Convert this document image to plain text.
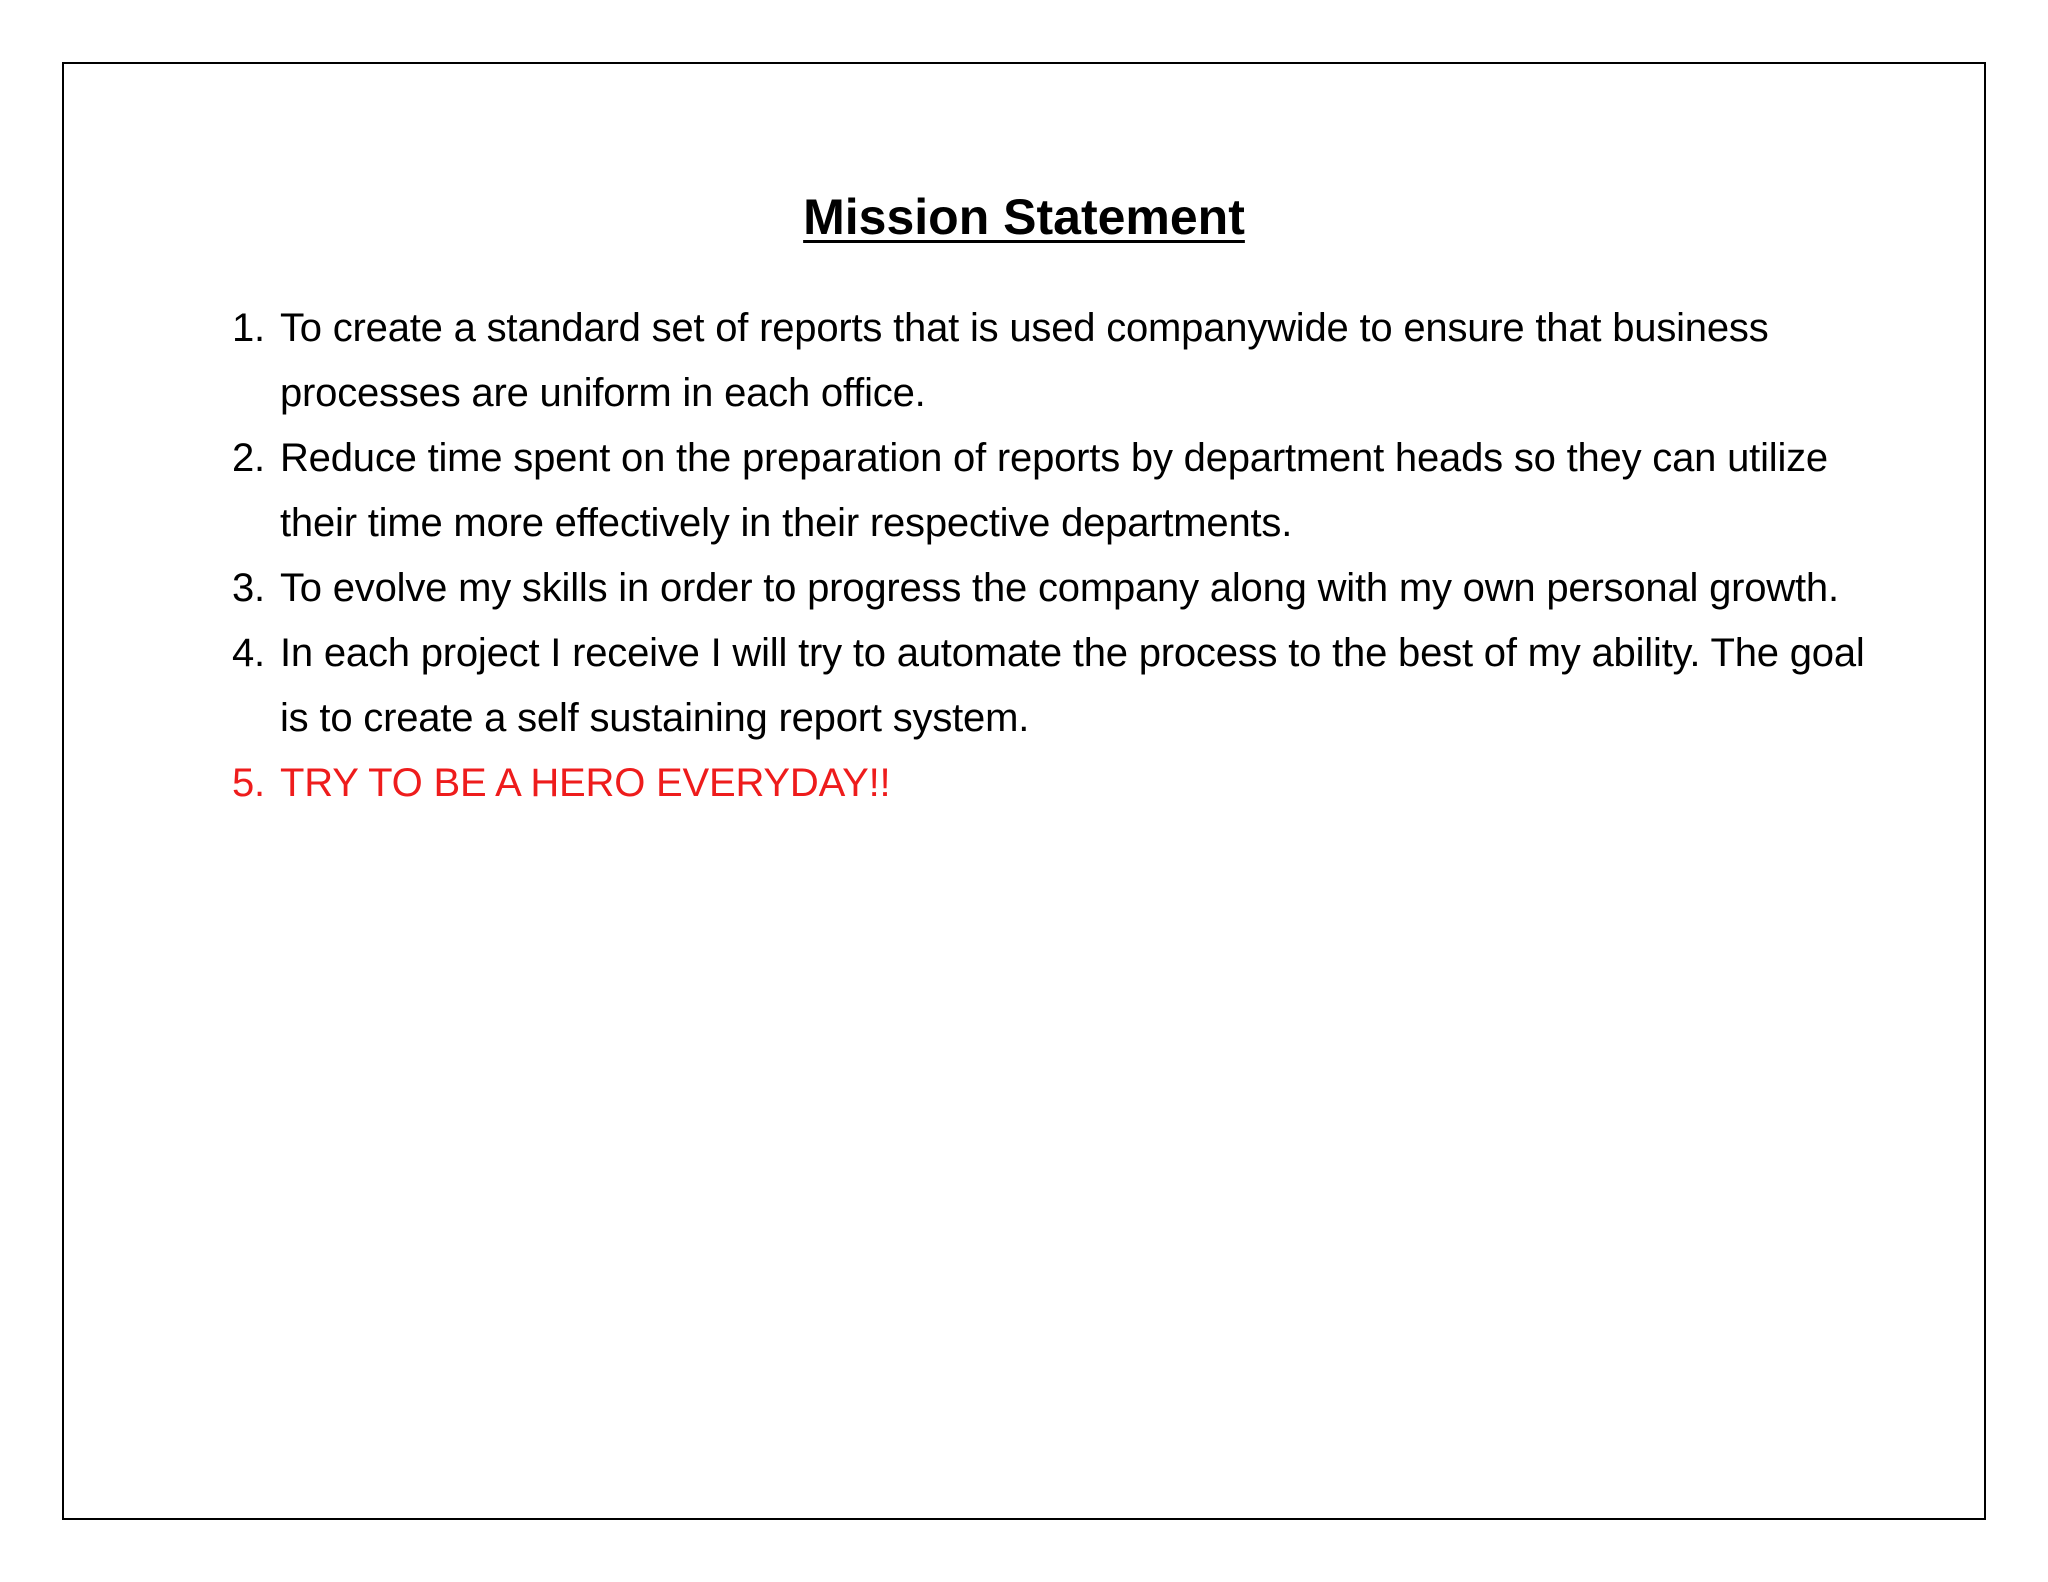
Mission Statement
1. To create a standard set of reports that is used companywide to ensure that business processes are uniform in each office.
2. Reduce time spent on the preparation of reports by department heads so they can utilize their time more effectively in their respective departments.
3. To evolve my skills in order to progress the company along with my own personal growth.
4. In each project I receive I will try to automate the process to the best of my ability. The goal is to create a self sustaining report system.
5. TRY TO BE A HERO EVERYDAY!!
